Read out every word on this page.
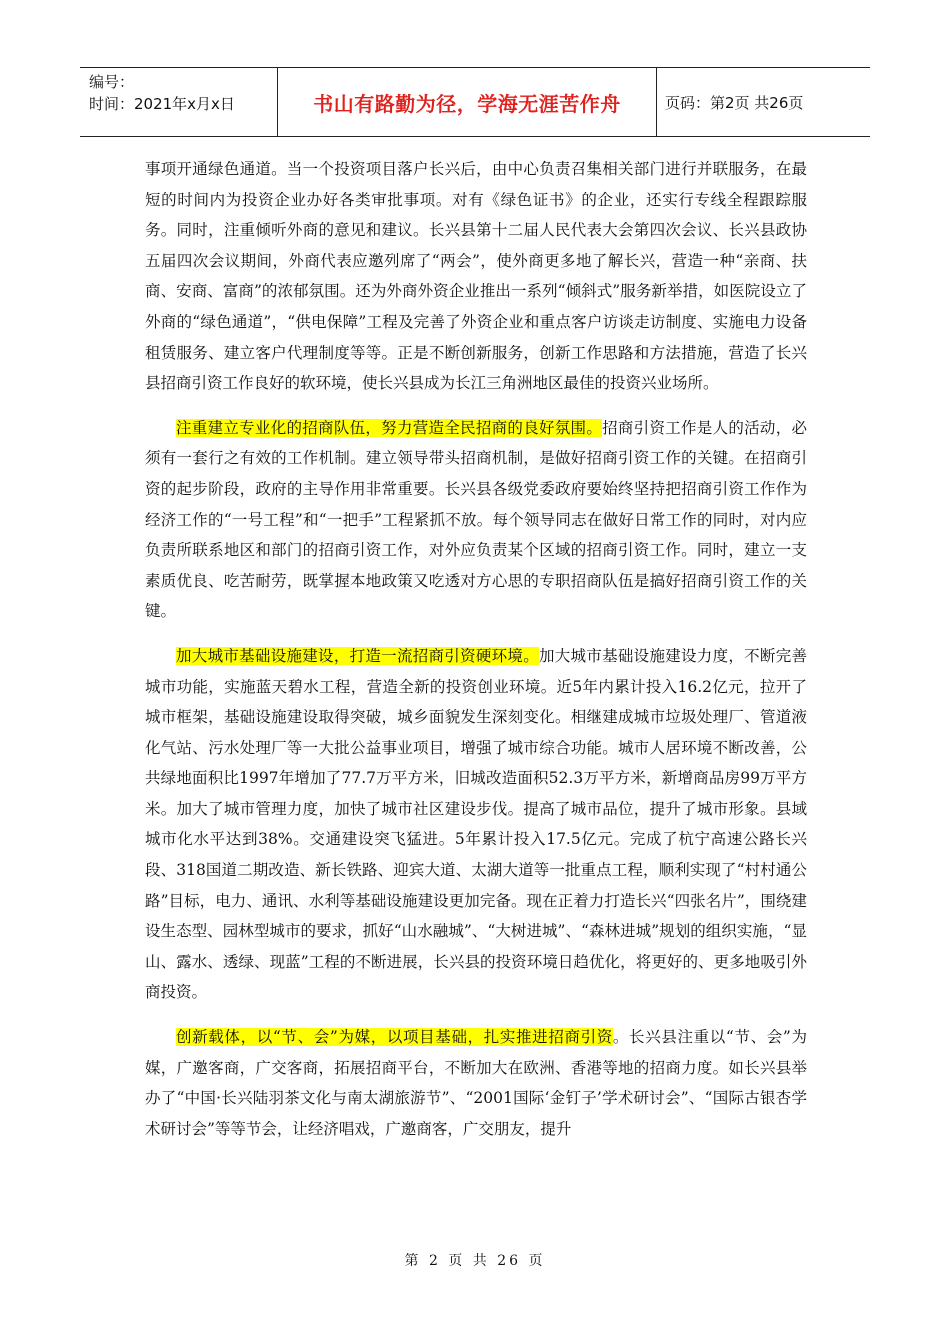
编号：
时间：2021年x月x日	书山有路勤为径，学海无涯苦作舟	页码：第2页 共26页

事项开通绿色通道。当一个投资项目落户长兴后，由中心负责召集相关部门进行并联服务，在最短的时间内为投资企业办好各类审批事项。对有《绿色证书》的企业，还实行专线全程跟踪服务。同时，注重倾听外商的意见和建议。长兴县第十二届人民代表大会第四次会议、长兴县政协五届四次会议期间，外商代表应邀列席了“两会”，使外商更多地了解长兴，营造一种“亲商、扶商、安商、富商”的浓郁氛围。还为外商外资企业推出一系列“倾斜式”服务新举措，如医院设立了外商的“绿色通道”，“供电保障”工程及完善了外资企业和重点客户访谈走访制度、实施电力设备租赁服务、建立客户代理制度等等。正是不断创新服务，创新工作思路和方法措施，营造了长兴县招商引资工作良好的软环境，使长兴县成为长江三角洲地区最佳的投资兴业场所。

注重建立专业化的招商队伍，努力营造全民招商的良好氛围。招商引资工作是人的活动，必须有一套行之有效的工作机制。建立领导带头招商机制，是做好招商引资工作的关键。在招商引资的起步阶段，政府的主导作用非常重要。长兴县各级党委政府要始终坚持把招商引资工作作为经济工作的“一号工程”和“一把手”工程紧抓不放。每个领导同志在做好日常工作的同时，对内应负责所联系地区和部门的招商引资工作，对外应负责某个区域的招商引资工作。同时，建立一支素质优良、吃苦耐劳，既掌握本地政策又吃透对方心思的专职招商队伍是搞好招商引资工作的关键。

加大城市基础设施建设，打造一流招商引资硬环境。加大城市基础设施建设力度，不断完善城市功能，实施蓝天碧水工程，营造全新的投资创业环境。近5年内累计投入16.2亿元，拉开了城市框架，基础设施建设取得突破，城乡面貌发生深刻变化。相继建成城市垃圾处理厂、管道液化气站、污水处理厂等一大批公益事业项目，增强了城市综合功能。城市人居环境不断改善，公共绿地面积比1997年增加了77.7万平方米，旧城改造面积52.3万平方米，新增商品房99万平方米。加大了城市管理力度，加快了城市社区建设步伐。提高了城市品位，提升了城市形象。县域城市化水平达到38%。交通建设突飞猛进。5年累计投入17.5亿元。完成了杭宁高速公路长兴段、318国道二期改造、新长铁路、迎宾大道、太湖大道等一批重点工程，顺利实现了“村村通公路”目标，电力、通讯、水利等基础设施建设更加完备。现在正着力打造长兴“四张名片”，围绕建设生态型、园林型城市的要求，抓好“山水融城”、“大树进城”、“森林进城”规划的组织实施，“显山、露水、透绿、现蓝”工程的不断进展，长兴县的投资环境日趋优化，将更好的、更多地吸引外商投资。

创新载体，以“节、会”为媒，以项目基础，扎实推进招商引资。长兴县注重以“节、会”为媒，广邀客商，广交客商，拓展招商平台，不断加大在欧洲、香港等地的招商力度。如长兴县举办了“中国·长兴陆羽茶文化与南太湖旅游节”、“2001国际‘金钉子’学术研讨会”、“国际古银杏学术研讨会”等等节会，让经济唱戏，广邀商客，广交朋友，提升

第 2 页 共 26 页
